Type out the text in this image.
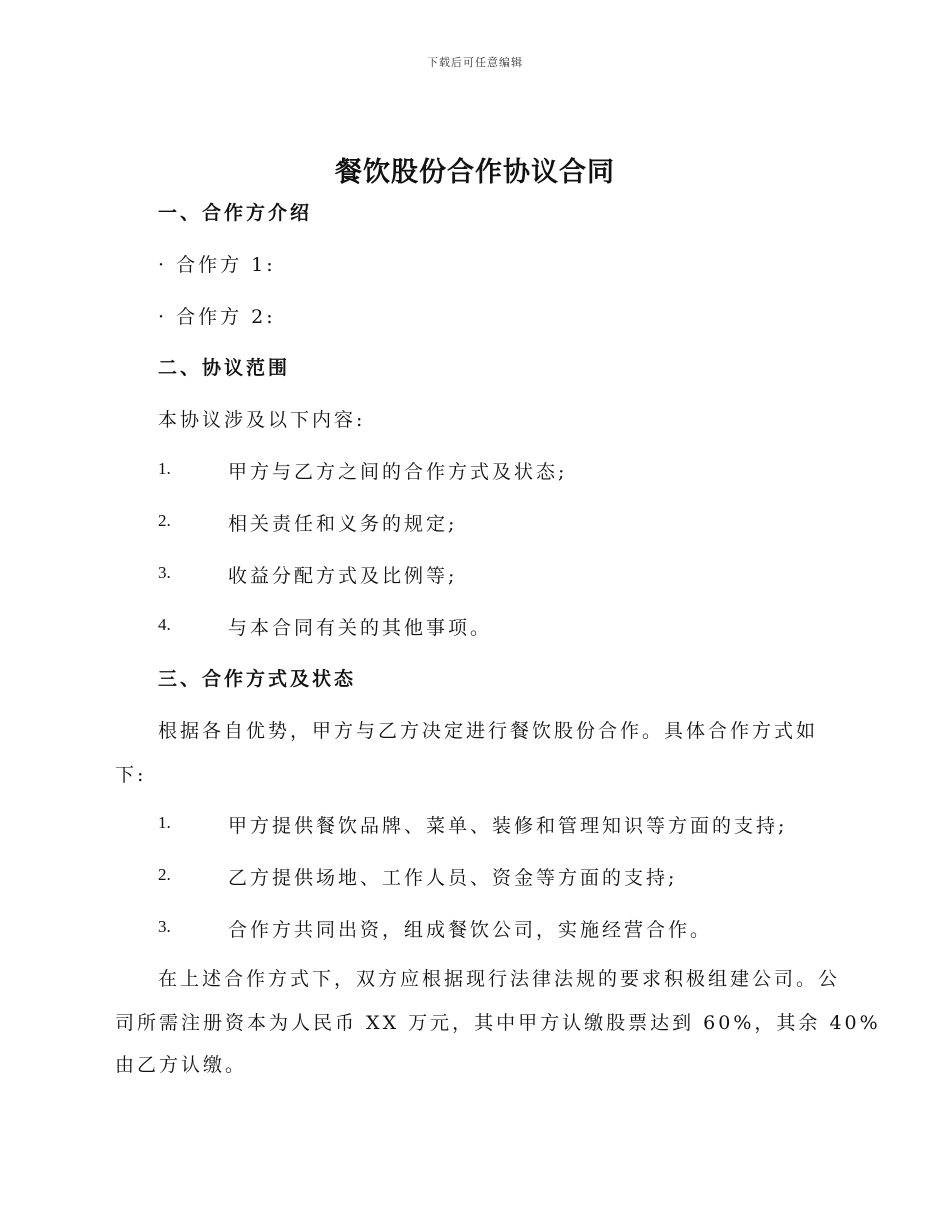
下载后可任意编辑
餐饮股份合作协议合同
一、合作方介绍
· 合作方 1:
· 合作方 2:
二、协议范围
本协议涉及以下内容:
1.	甲方与乙方之间的合作方式及状态;
2.	相关责任和义务的规定;
3.	收益分配方式及比例等;
4.	与本合同有关的其他事项。
三、合作方式及状态
根据各自优势，甲方与乙方决定进行餐饮股份合作。具体合作方式如
下:
1.	甲方提供餐饮品牌、菜单、装修和管理知识等方面的支持;
2.	乙方提供场地、工作人员、资金等方面的支持;
3.	合作方共同出资，组成餐饮公司，实施经营合作。
在上述合作方式下，双方应根据现行法律法规的要求积极组建公司。公
司所需注册资本为人民币 XX 万元，其中甲方认缴股票达到 60%，其余 40%
由乙方认缴。
